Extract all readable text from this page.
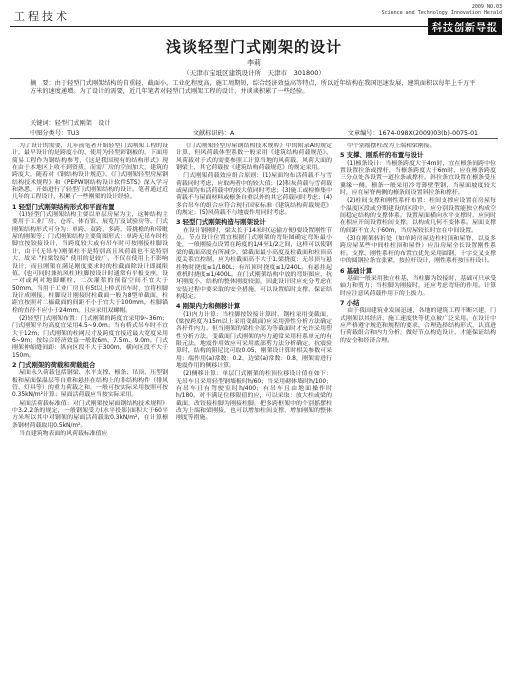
工程技术
2009 NO.03
Science and Technology Innovation Herald
科技创新导报
浅谈轻型门式刚架的设计
李莉
（天津市宝坻区建筑设计所　天津市　301800）

摘　要：由于轻型门式刚架结构的自重轻、截面小，工业化程度高，施工周期短，综合经济效益高等特点，所以近年结构在我国迅速发展，建筑面积以每年上千万平方米的速度递增。为了设计的需要，近几年笔者对轻型门式刚架工程的设计，并谈谈积累了一些经验。

关键词：轻型门式刚架　设计
中图分类号：TU3	文献标识码：A	文章编号：1674-098X(2009)03(b)-0075-01

为了设计的需要，几年前笔者开始轻型门式刚架工程的设计，最早设计的是跨度小的、使用为轻型彩钢板的，下面用简易工程作为钢结构参考，《这是我国现有的结构形式》现在由于本地区上收不到资质，而需厂房的空间加大，建筑的跨度大，随着对《钢结构设计规范》、《门式刚架轻型房屋钢结构技术规程》和《PEPW钢结构设计软件STS》深入学习和熟悉，开始进行了轻型门式刚架结构的设计。笔者通过近几年的工程设计，积累了一些刚架的设计经验。

1 轻型门式刚架结构形式和平面布置

(1)轻型门式刚架结构主要以单层房屋为主，这种结构主要用于工业厂房、仓库、体育馆、展览厅及试验房等。门式刚架结构形式可分为：单跨、双跨、多跨，带挑檐的和带毗屋的刚架等；门式刚架结构主要简图形式：单跨无吊车时柱脚宜按铰接设计，当跨度较大或有吊车时可按刚接柱脚设计，由于(无吊车)刚架柱不是特别高且风荷载也不是特别大，故采 "柱梁铰接" 使用的是较广，不仅在使用上不影响设计，而且刚架在满足刚度要求时的柱截面除设计即属限值。(也可同时兼抗风柱)柱脚按设计时通常有平板支座，设一对或两对地脚螺栓，二次灌浆的预留空间不宜大于50mm，当用于工业厂房且有5t以上桥式吊车时，宜将柱脚设计成刚接。柱脚设计刚接时柱截面一般为8型单截面，柱距宜按照对二榀截面的间距不小于宜大于100mm，柱脚锚栓的直径不应小于24mm，且应采用双螺帽。

(2)轻型门式刚架布置：门式刚架的跨度宜采用9~36m；门式刚架平均高度宜采用4.5~9.0m；当有桥式吊车时不宜大于12m；门式刚架的柱网尺寸及跨度宜接近最大宽度采用6~9m；按综合经济效益一般取6m、7.5m、9.0m。门式刚架伸缩缝间距：纵向区段不大于300m，横向区段不大于150m。

2 门式刚架的荷载和荷载组合

屋面永久荷载包括钢梁、水平支撑、檩条、吊顶、压型钢板和屋面保温层等自重和悬挂在结构上的非结构构件（排风管、灯具等）的重力荷载之和，一般可按实际采用按照可按0.35kN/m²计算；屋面活荷载应当按实际采用。

屋面活荷载标准值：对门式刚架按屋面钢结构技术规程》中3.2.2条的规定，一般钢架受力(水平投影)面积大于60平方米所以其中对钢架的屋面活荷载取0.3kN/m²，在计算檩条钢材荷载取用0.5kN/m²。

当直建筑物表面的风荷载标准值应

《门式刚架轻型房屋钢结构技术规程》中的附录A的规定计算，但风荷载体型系数一般采用《建筑结构荷载规范》。风荷载对于式的需要参照工计算当地的风荷载，风荷大面的钢梁上，其它荷载按《建筑结构荷载规范》的规定采用。

门式刚架荷载效应组合原则：(1)屋面均布活荷载不与雪荷载同时考虑，应取两者中的较大值；(2)积灰荷载与雪荷载或屋面均布活荷载中的较大值同时考虑；(3)施工或检修集中荷载不与屋面材料或檩条自重以外的其它荷载同时考虑；(4)多台吊车的组合应符合现行国家标准《建筑结构荷载规范》的规定；(5)风荷载不与地震作用同时考虑。

3 轻型门式刚架构造与刚架设计

在设计钢刚时，梁太长于14米时(运输方便)要设置刚性节点。节点设计位置宜根据门式刚架的弯矩图确定弯矩最小处，一般刚接点设置在跨度的1/4至1/2之间，这样可以使钢梁的截面高度有所减少。梁截面最小高度及柱截面和柱顶高度关系宜控制，应为柱截面高不大于1,梁挠度：无吊顶与悬挂物时挠度≤1/180L；有吊顶时挠度≤1/240L。有悬挂起重机时挠度≤1/400L。在门式刚架结构中放的弯矩图应，抗坏刚度小，结构的整体刚度较弱，因此设计时应充分考虑在安装过程中要采取的安全措施，可以设置临时支撑，保证结构稳定。

4 刚架内力和侧移计算

(1)内力计算：当柱脚按铰接计算时，钢柱采用变截面，(梁按跨度为15m以上采用变截面)应采用弹性分析方法确定各杆件内力。但当刚架的梁柱全部为等截面时才允许采用塑性分析方法，变截面门式刚架的内力通常采用杆系单元的有限元法，地震作用效应可采用底部剪力法分析确定，抗震验算时，结构的阻尼比可取0.05，刚架设计算时相关参数可采用：端作用(a)常数：0.2、边梁(a)常数：0.8，刚架需进行地震作用的侧移计算。

(2)侧移计算：单层门式刚架的柱顶位移设计值在如下：无吊车且采用轻型钢墙板时h/60；当采用砌体墙时h/100；有吊车且有驾驶室时h/400；有吊车且由地面操作时h/180。对不满足位移限值的应，可以采取：放大柱或梁的截面，改铰接柱脚为刚接柱脚，把多跨框架中的个别摇摆柱改为上端和梁刚接，也可以增加柱间支撑，增加刚架的整体刚度等措施。

中个别摇摆柱改为上端和梁刚接。

5 支撑、刚系杆的布置与设计

(1)檩条设计：当檩条跨度大于4m时，宜在檩条间跨中位置设置拉条或撑杆，当檩条跨度大于6m时，应在檩条跨度三分点处各设置一道拉条或撑杆。斜拉条宜设置在檩条受压翼缘一侧。檩条一般采用冷弯薄壁型钢，当屋面坡度较大时，应在屋脊两侧的檩条间设置斜拉条和撑杆。

(2)柱间支撑和刚性系杆布置：柱间支撑应设置在房屋每个温度区段或分期建设的区段中，应分别设置能独立构成空间稳定结构的支撑体系。设置屋面横向水平支撑时，应同时在相应开间设置柱间支撑，以构成几何不变体系。屋面支撑的间距不宜大于60m，当房屋较长时宜在中间设置。

(3)在刚架转折处（如单跨房屋边柱柱顶和屋脊，以及多跨房屋某些中间柱柱顶和屋脊）应沿房屋全长设置刚性系杆。支撑、刚性系杆的布置宜优先采用圆钢，十字交叉支撑中的圆钢拉条宜张紧，按拉杆设计，刚性系杆按压杆设计。

6 基础计算

基础一般采用独立柱基，当柱脚为铰接时，基础可只承受轴力和剪力；当柱脚为刚接时，还应考虑弯矩的作用。计算时应注意风荷载作用下的上拔力。

7 小结

由于我国建筑业发展迅速，各地的建筑工程不断兴建，门式刚架以其经济、施工速度快等优点被广泛采用。在设计中应严格遵守规范和规程的要求，合理选择结构形式，认真进行荷载组合和内力分析，做好节点构造设计，才能保证结构的安全和经济合理。
